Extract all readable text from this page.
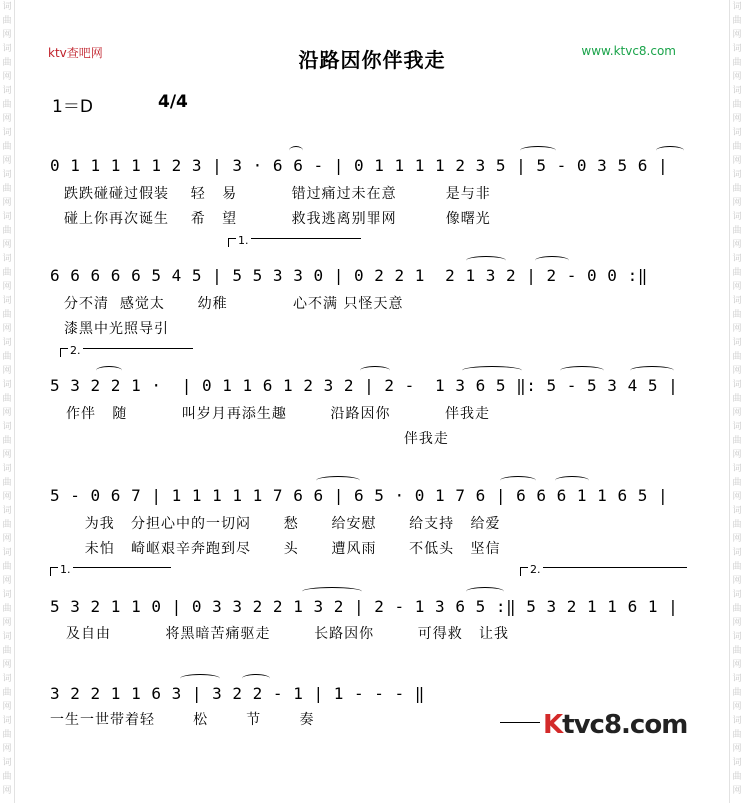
词曲网词曲网词曲网词曲网词曲网词曲网词曲网词曲网词曲网词曲网词曲网词曲网词曲网词曲网词曲网词曲网词曲网词曲网词曲网
词曲网词曲网词曲网词曲网词曲网词曲网词曲网词曲网词曲网词曲网词曲网词曲网词曲网词曲网词曲网词曲网词曲网词曲网词曲网
ktv查吧网	沿路因你伴我走	www.ktvc8.com
1＝D	4/4
0 1 1 1 1 1 2 3 | 3 · 6 6 - | 0 1 1 1 1 2 3 5 | 5 - 0 3 5 6 |
跌跌碰碰过假装    轻   易          错过痛过未在意         是与非
碰上你再次诞生    希   望          救我逃离别罪网         像曙光
1.
6 6 6 6 6 5 4 5 | 5 5 3 3 0 | 0 2 2 1  2 1 3 2 | 2 - 0 0 :‖
分不清  感觉太      幼稚            心不满 只怪天意
漆黑中光照导引
2.
5 3 2 2 1 ·  | 0 1 1 6 1 2 3 2 | 2 -  1 3 6 5 ‖: 5 - 5 3 4 5 |
作伴   随          叫岁月再添生趣        沿路因你          伴我走
伴我走
5 - 0 6 7 | 1 1 1 1 1 7 6 6 | 6 5 · 0 1 7 6 | 6 6 6 1 1 6 5 |
为我   分担心中的一切闷      愁      给安慰      给支持   给爱
未怕   崎岖艰辛奔跑到尽      头      遭风雨      不低头   坚信
1.	2.
5 3 2 1 1 0 | 0 3 3 2 2 1 3 2 | 2 - 1 3 6 5 :‖ 5 3 2 1 1 6 1 |
及自由          将黑暗苦痛驱走        长路因你        可得救   让我
3 2 2 1 1 6 3 | 3 2 2 - 1 | 1 - - - ‖
一生一世带着轻       松       节       奏	Ktvc8.com
